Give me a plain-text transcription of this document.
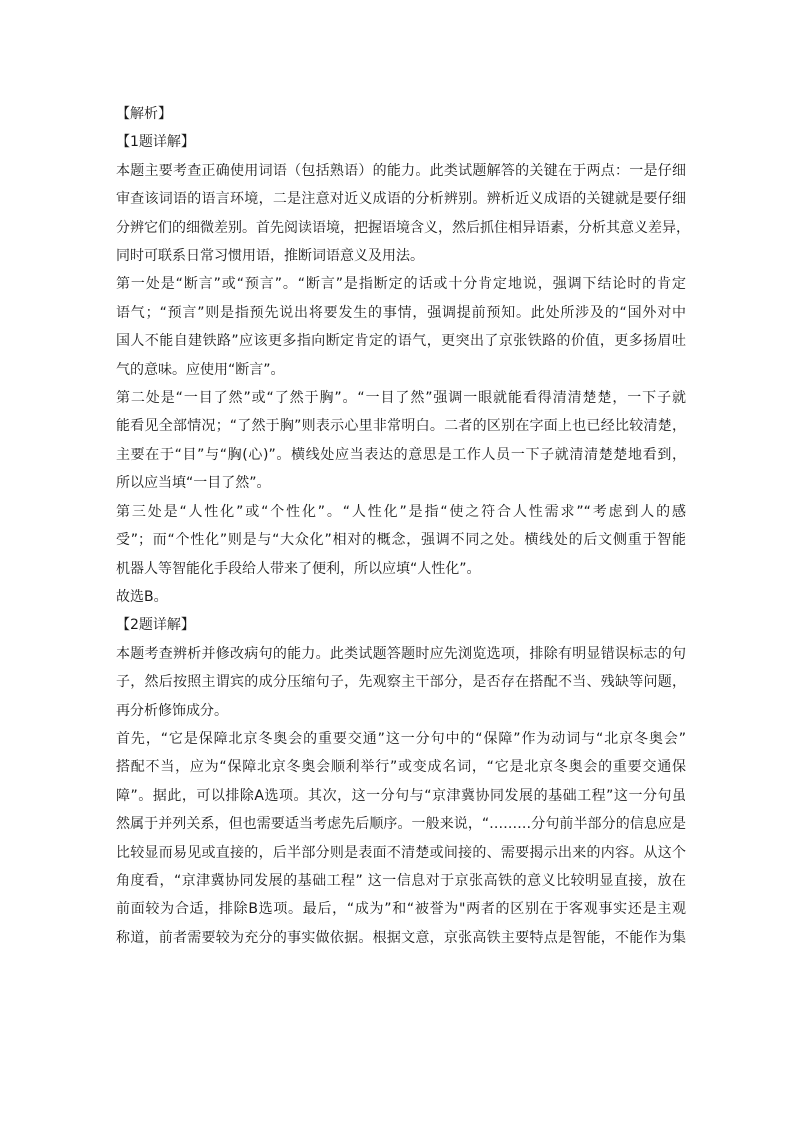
【解析】
【1题详解】
本题主要考查正确使用词语（包括熟语）的能力。此类试题解答的关键在于两点：一是仔细
审查该词语的语言环境，二是注意对近义成语的分析辨别。辨析近义成语的关键就是要仔细
分辨它们的细微差别。首先阅读语境，把握语境含义，然后抓住相异语素，分析其意义差异，
同时可联系日常习惯用语，推断词语意义及用法。
第一处是“断言”或“预言”。“断言”是指断定的话或十分肯定地说，强调下结论时的肯定
语气；“预言”则是指预先说出将要发生的事情，强调提前预知。此处所涉及的“国外对中
国人不能自建铁路”应该更多指向断定肯定的语气，更突出了京张铁路的价值，更多扬眉吐
气的意味。应使用“断言”。
第二处是“一目了然”或“了然于胸”。“一目了然”强调一眼就能看得清清楚楚，一下子就
能看见全部情况；“了然于胸”则表示心里非常明白。二者的区别在字面上也已经比较清楚，
主要在于“目”与“胸(心)”。横线处应当表达的意思是工作人员一下子就清清楚楚地看到，
所以应当填“一目了然”。
第三处是“人性化”或“个性化”。“人性化”是指“使之符合人性需求”“考虑到人的感
受”；而“个性化”则是与“大众化”相对的概念，强调不同之处。横线处的后文侧重于智能
机器人等智能化手段给人带来了便利，所以应填“人性化”。
故选B。
【2题详解】
本题考查辨析并修改病句的能力。此类试题答题时应先浏览选项，排除有明显错误标志的句
子，然后按照主谓宾的成分压缩句子，先观察主干部分，是否存在搭配不当、残缺等问题，
再分析修饰成分。
首先，“它是保障北京冬奥会的重要交通”这一分句中的“保障”作为动词与“北京冬奥会”
搭配不当，应为“保障北京冬奥会顺利举行”或变成名词，“它是北京冬奥会的重要交通保
障”。据此，可以排除A选项。其次，这一分句与“京津冀协同发展的基础工程”这一分句虽
然属于并列关系，但也需要适当考虑先后顺序。一般来说，“………分句前半部分的信息应是
比较显而易见或直接的，后半部分则是表面不清楚或间接的、需要揭示出来的内容。从这个
角度看，“京津冀协同发展的基础工程” 这一信息对于京张高铁的意义比较明显直接，放在
前面较为合适，排除B选项。最后，“成为”和“被誉为"两者的区别在于客观事实还是主观
称道，前者需要较为充分的事实做依据。根据文意，京张高铁主要特点是智能，不能作为集
